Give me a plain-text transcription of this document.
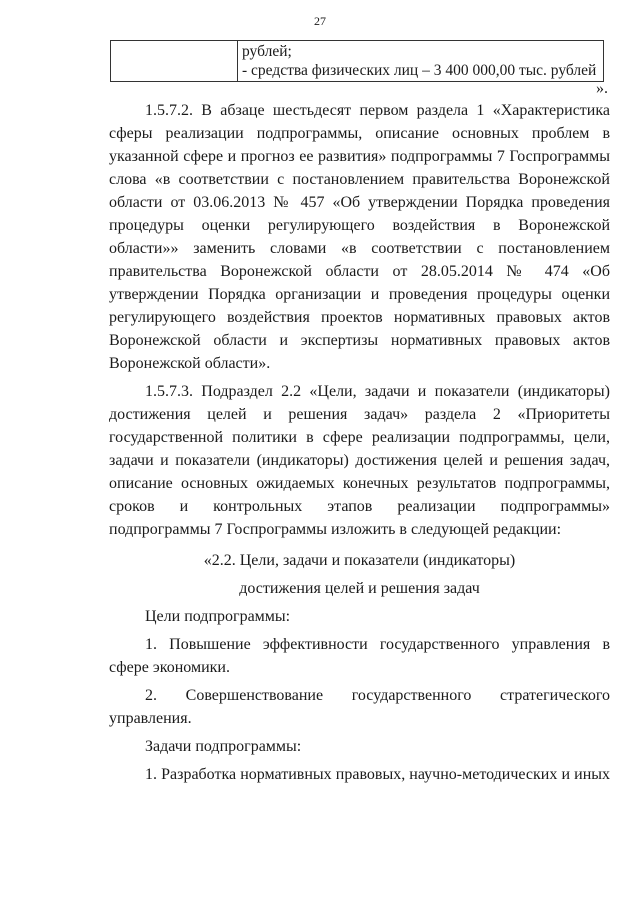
27

рублей;
- средства физических лиц – 3 400 000,00 тыс. рублей
».

1.5.7.2. В абзаце шестьдесят первом раздела 1 «Характеристика сферы реализации подпрограммы, описание основных проблем в указанной сфере и прогноз ее развития» подпрограммы 7 Госпрограммы слова «в соответствии с постановлением правительства Воронежской области от 03.06.2013 № 457 «Об утверждении Порядка проведения процедуры оценки регулирующего воздействия в Воронежской области»» заменить словами «в соответствии с постановлением правительства Воронежской области от 28.05.2014 № 474 «Об утверждении Порядка организации и проведения процедуры оценки регулирующего воздействия проектов нормативных правовых актов Воронежской области и экспертизы нормативных правовых актов Воронежской области».

1.5.7.3. Подраздел 2.2 «Цели, задачи и показатели (индикаторы) достижения целей и решения задач» раздела 2 «Приоритеты государственной политики в сфере реализации подпрограммы, цели, задачи и показатели (индикаторы) достижения целей и решения задач, описание основных ожидаемых конечных результатов подпрограммы, сроков и контрольных этапов реализации подпрограммы» подпрограммы 7 Госпрограммы изложить в следующей редакции:

«2.2. Цели, задачи и показатели (индикаторы)

достижения целей и решения задач

Цели подпрограммы:

1. Повышение эффективности государственного управления в сфере экономики.

2. Совершенствование государственного стратегического управления.

Задачи подпрограммы:

1. Разработка нормативных правовых, научно-методических и иных
